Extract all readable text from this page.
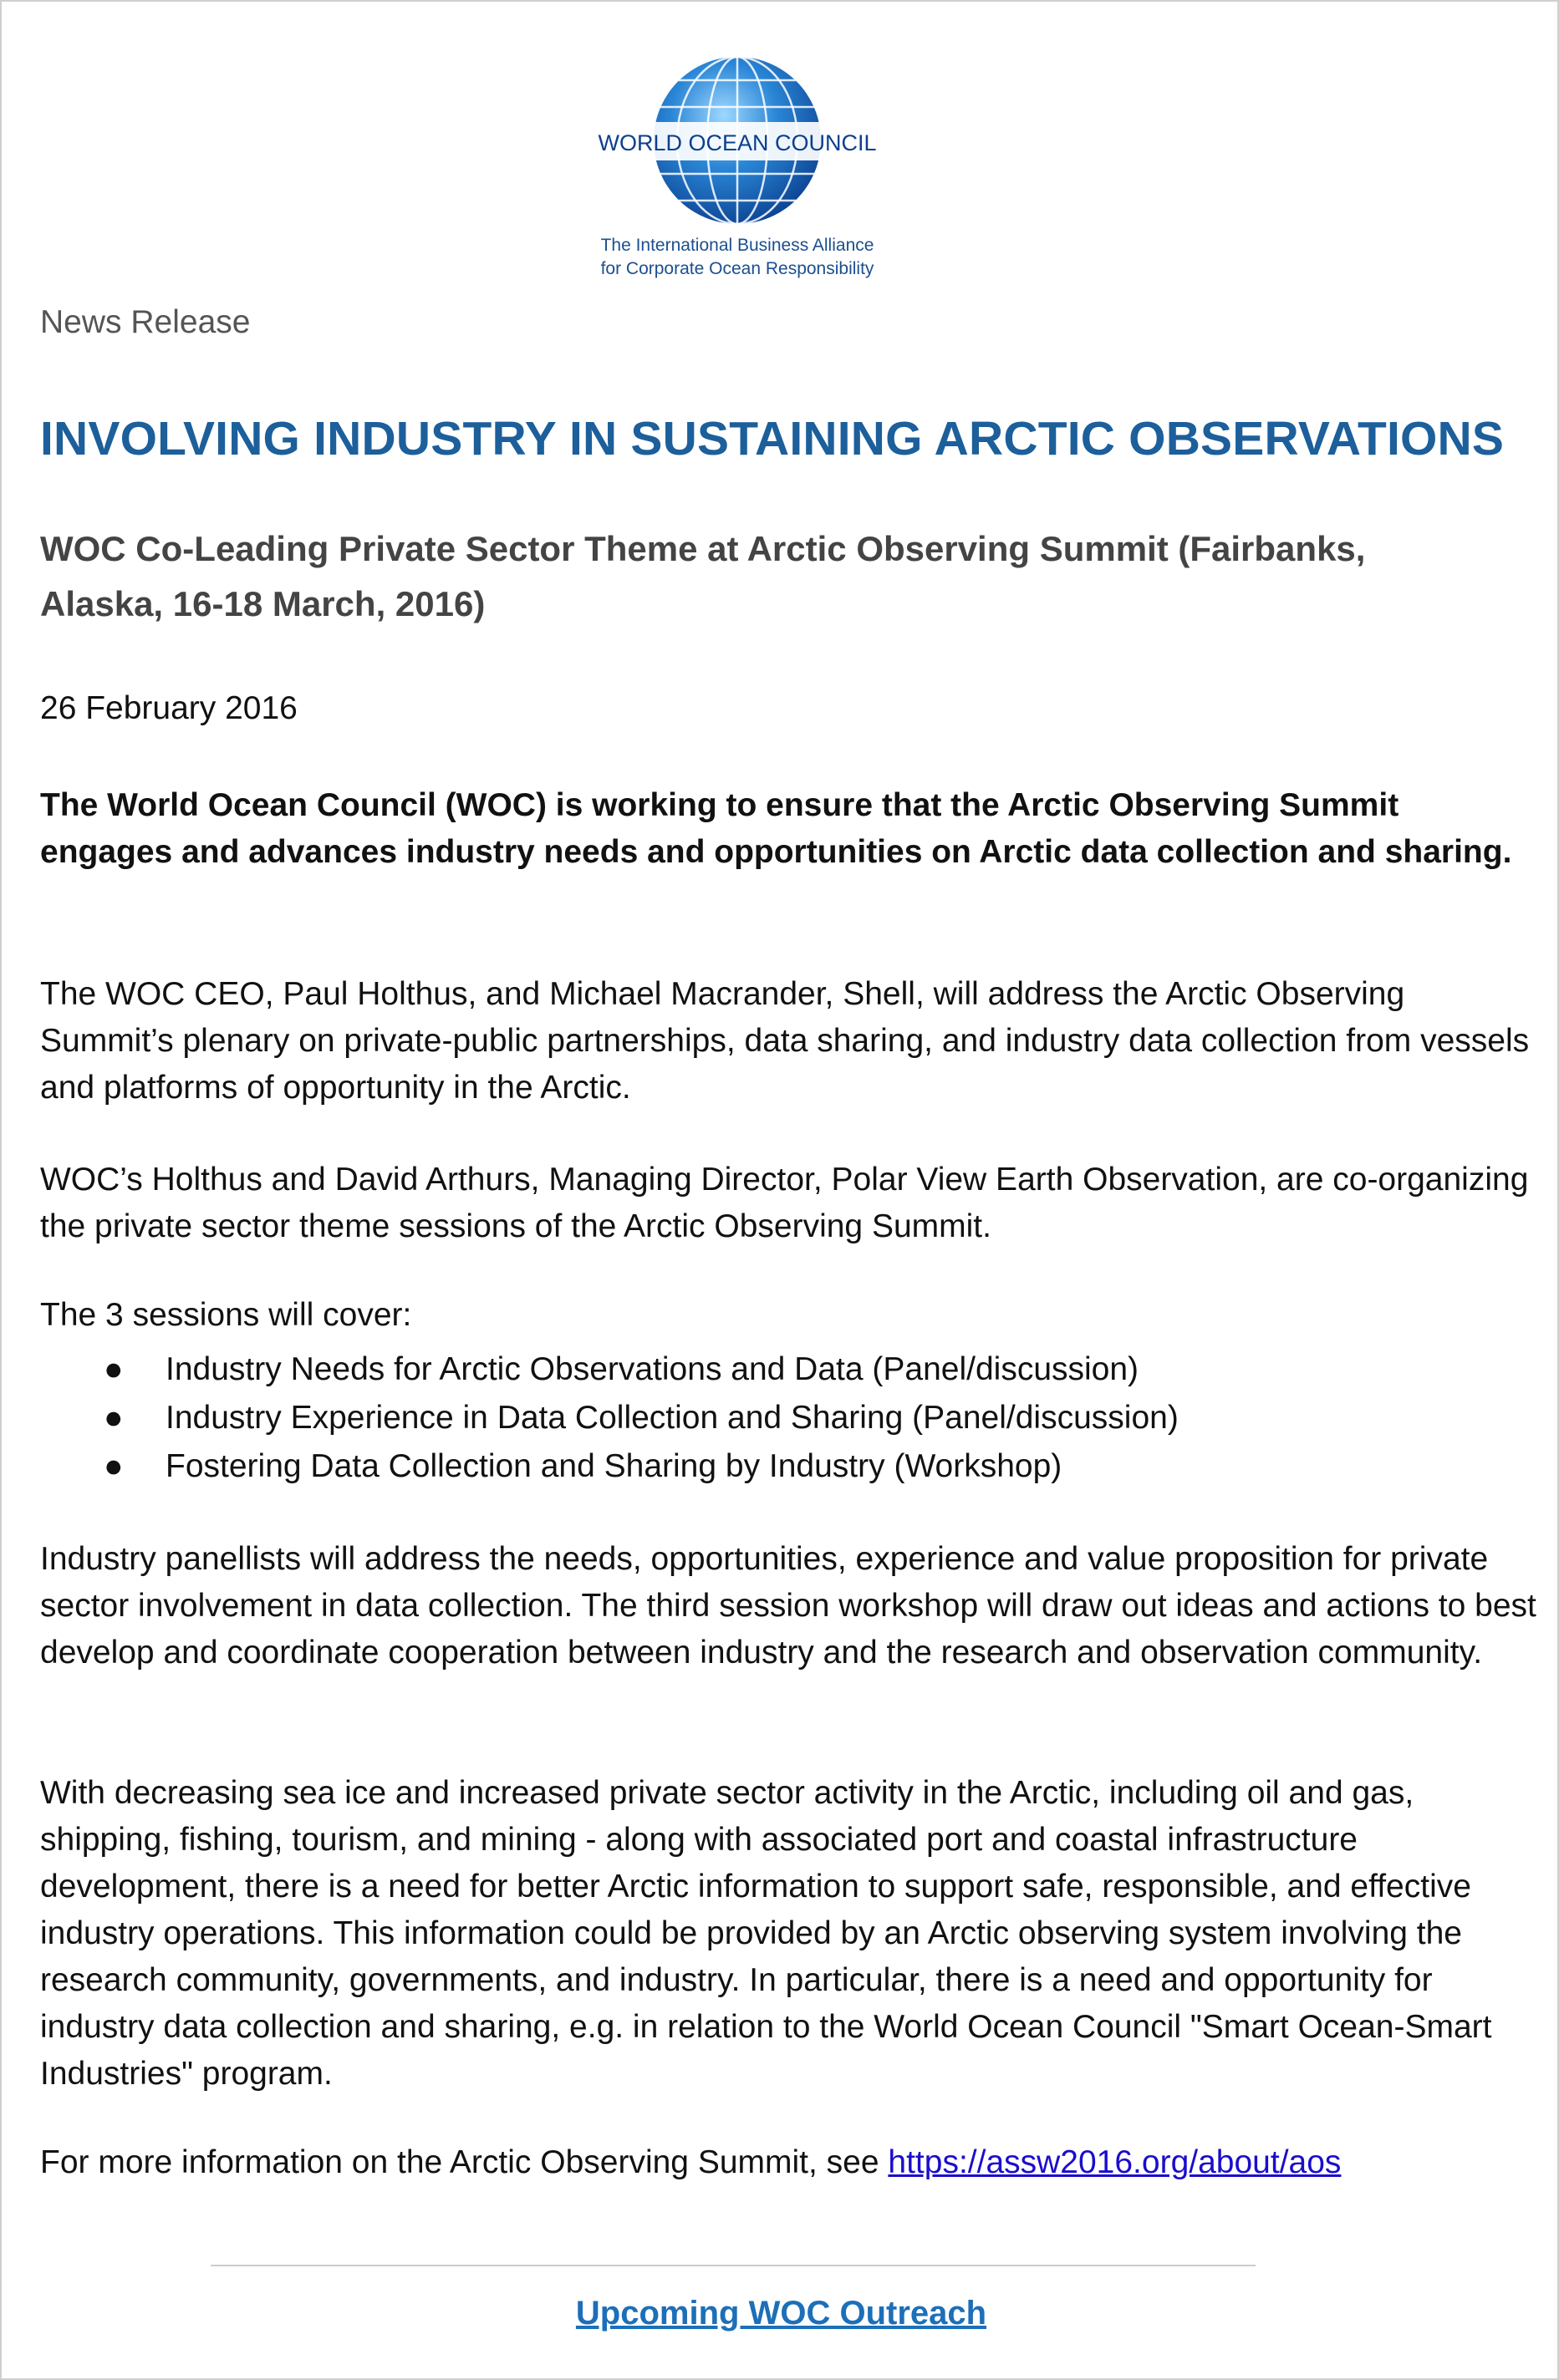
WORLD OCEAN COUNCIL
The International Business Alliance
for Corporate Ocean Responsibility
News Release
INVOLVING INDUSTRY IN SUSTAINING ARCTIC OBSERVATIONS
WOC Co-Leading Private Sector Theme at Arctic Observing Summit (Fairbanks, Alaska, 16-18 March, 2016)
26 February 2016
The World Ocean Council (WOC) is working to ensure that the Arctic Observing Summit engages and advances industry needs and opportunities on Arctic data collection and sharing.
The WOC CEO, Paul Holthus, and Michael Macrander, Shell, will address the Arctic Observing Summit’s plenary on private-public partnerships, data sharing, and industry data collection from vessels and platforms of opportunity in the Arctic.
WOC’s Holthus and David Arthurs, Managing Director, Polar View Earth Observation, are co-organizing the private sector theme sessions of the Arctic Observing Summit.
The 3 sessions will cover:
● Industry Needs for Arctic Observations and Data (Panel/discussion)
● Industry Experience in Data Collection and Sharing (Panel/discussion)
● Fostering Data Collection and Sharing by Industry (Workshop)
Industry panellists will address the needs, opportunities, experience and value proposition for private sector involvement in data collection. The third session workshop will draw out ideas and actions to best develop and coordinate cooperation between industry and the research and observation community.
With decreasing sea ice and increased private sector activity in the Arctic, including oil and gas, shipping, fishing, tourism, and mining - along with associated port and coastal infrastructure development, there is a need for better Arctic information to support safe, responsible, and effective industry operations. This information could be provided by an Arctic observing system involving the research community, governments, and industry. In particular, there is a need and opportunity for industry data collection and sharing, e.g. in relation to the World Ocean Council "Smart Ocean-Smart Industries" program.
For more information on the Arctic Observing Summit, see https://assw2016.org/about/aos
Upcoming WOC Outreach
